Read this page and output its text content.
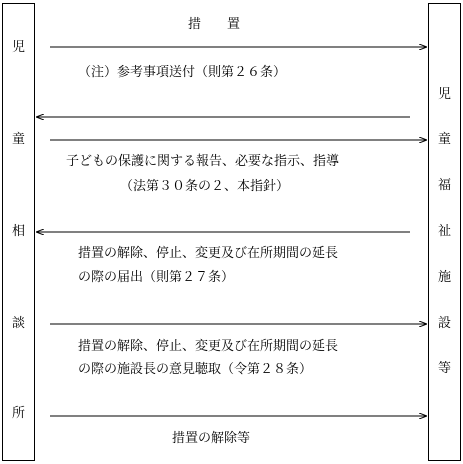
児
童
相
談
所
児
童
福
祉
施
設
等
措　　置
（注）参考事項送付（則第２６条）
子どもの保護に関する報告、必要な指示、指導
（法第３０条の２、本指針）
措置の解除、停止、変更及び在所期間の延長
の際の届出（則第２７条）
措置の解除、停止、変更及び在所期間の延長
の際の施設長の意見聴取（令第２８条）
措置の解除等
